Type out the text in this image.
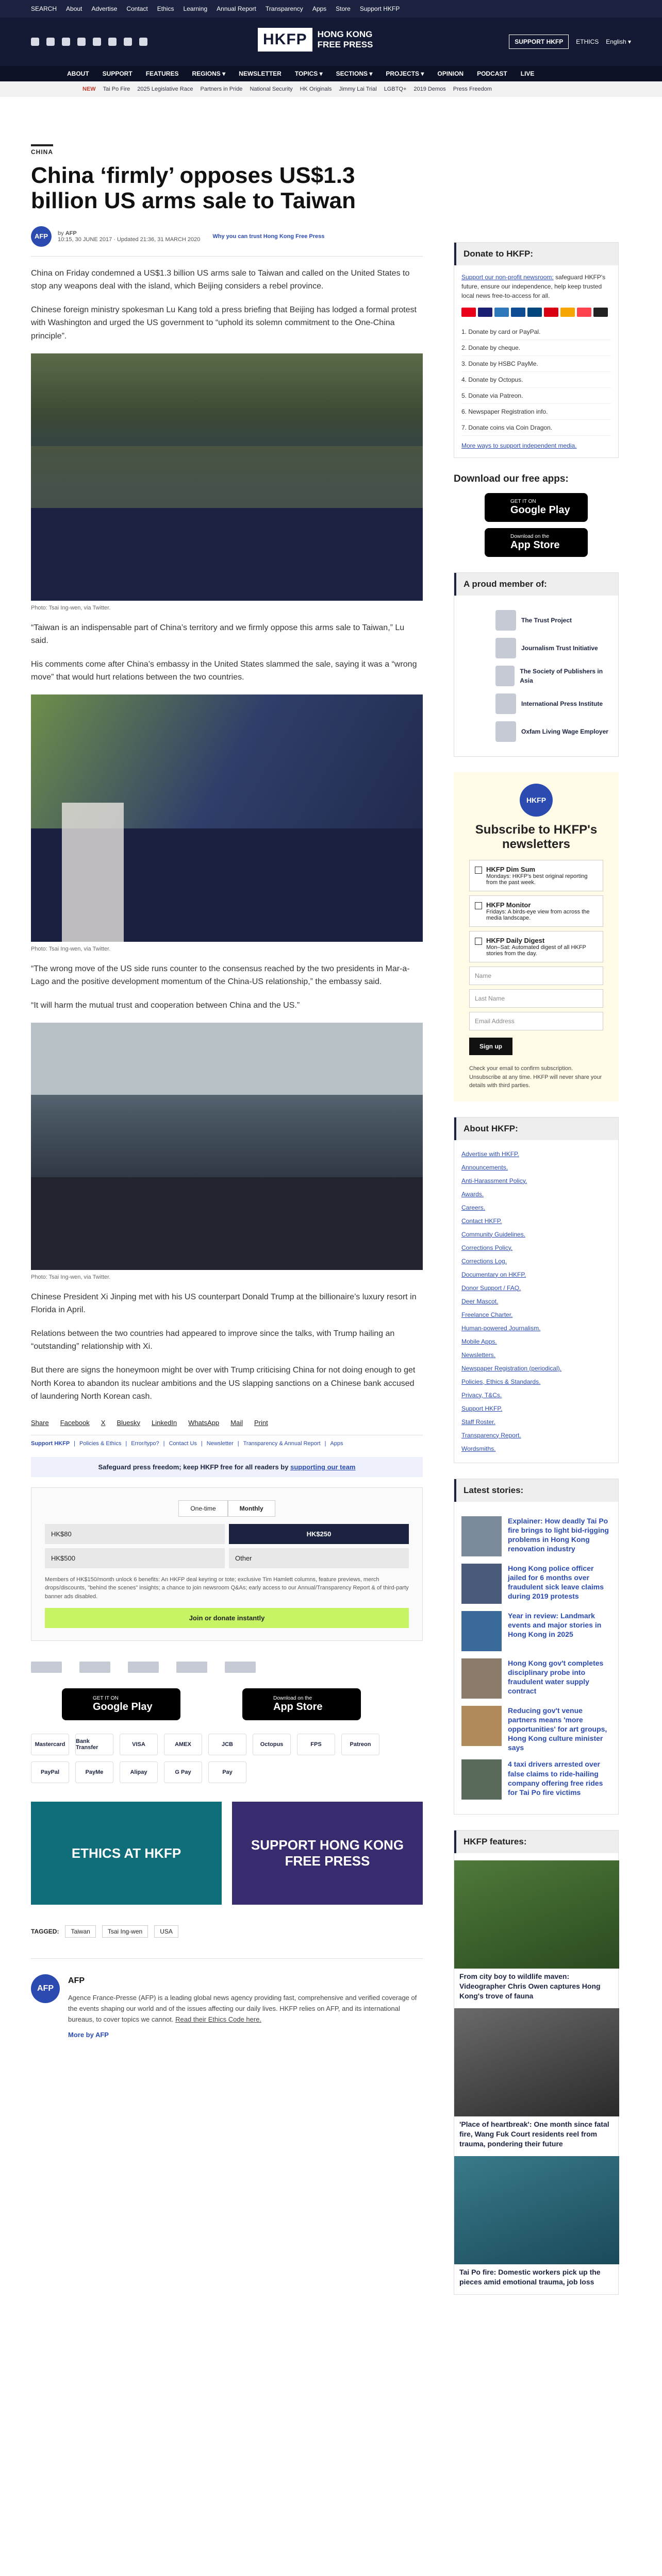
SEARCH About Advertise Contact Ethics Learning Annual Report Transparency Apps Store Support HKFP
HKFP	HONG KONG
FREE PRESS	SUPPORT HKFP	ETHICS English ▾
ABOUT SUPPORT FEATURES REGIONS ▾ NEWSLETTER TOPICS ▾ SECTIONS ▾ PROJECTS ▾ OPINION PODCAST LIVE
NEW Tai Po Fire 2025 Legislative Race Partners in Pride National Security HK Originals Jimmy Lai Trial LGBTQ+ 2019 Demos Press Freedom
CHINA
China ‘firmly’ opposes US$1.3 billion US arms sale to Taiwan
AFP	by AFP
10:15, 30 JUNE 2017 · Updated 21:36, 31 MARCH 2020 Why you can trust Hong Kong Free Press

China on Friday condemned a US$1.3 billion US arms sale to Taiwan and called on the United States to stop any weapons deal with the island, which Beijing considers a rebel province.

Chinese foreign ministry spokesman Lu Kang told a press briefing that Beijing has lodged a formal protest with Washington and urged the US government to “uphold its solemn commitment to the One-China principle”.

Photo: Tsai Ing-wen, via Twitter.

“Taiwan is an indispensable part of China’s territory and we firmly oppose this arms sale to Taiwan,” Lu said.

His comments come after China’s embassy in the United States slammed the sale, saying it was a “wrong move” that would hurt relations between the two countries.

Photo: Tsai Ing-wen, via Twitter.

“The wrong move of the US side runs counter to the consensus reached by the two presidents in Mar-a-Lago and the positive development momentum of the China-US relationship,” the embassy said.

“It will harm the mutual trust and cooperation between China and the US.”

Photo: Tsai Ing-wen, via Twitter.

Chinese President Xi Jinping met with his US counterpart Donald Trump at the billionaire’s luxury resort in Florida in April.

Relations between the two countries had appeared to improve since the talks, with Trump hailing an “outstanding” relationship with Xi.

But there are signs the honeymoon might be over with Trump criticising China for not doing enough to get North Korea to abandon its nuclear ambitions and the US slapping sanctions on a Chinese bank accused of laundering North Korean cash.

Share Facebook X Bluesky LinkedIn WhatsApp Mail Print
Support HKFP | Policies & Ethics | Error/typo? | Contact Us | Newsletter | Transparency & Annual Report | Apps
Safeguard press freedom; keep HKFP free for all readers by supporting our team
One-time	Monthly
HK$80	HK$250
HK$500	Other
Members of HK$150/month unlock 6 benefits: An HKFP deal keyring or tote; exclusive Tim Hamlett columns, feature previews, merch drops/discounts, "behind the scenes" insights; a chance to join newsroom Q&As; early access to our Annual/Transparency Report & of third-party banner ads disabled.
Join or donate instantly
GET IT ON
Google Play
Download on the
App Store
Mastercard	Bank Transfer	VISA	AMEX	JCB	Octopus	FPS	Patreon
PayPal	PayMe	Alipay	G Pay	Pay
ETHICS AT HKFP
SUPPORT HONG KONG FREE PRESS
TAGGED:	Taiwan	Tsai Ing-wen	USA
AFP
AFP
Agence France-Presse (AFP) is a leading global news agency providing fast, comprehensive and verified coverage of the events shaping our world and of the issues affecting our daily lives. HKFP relies on AFP, and its international bureaus, to cover topics we cannot. Read their Ethics Code here.
More by AFP
Donate to HKFP:
Support our non-profit newsroom: safeguard HKFP's future, ensure our independence, help keep trusted local news free-to-access for all.
1. Donate by card or PayPal.
2. Donate by cheque.
3. Donate by HSBC PayMe.
4. Donate by Octopus.
5. Donate via Patreon.
6. Newspaper Registration info.
7. Donate coins via Coin Dragon.
More ways to support independent media.
Download our free apps:
GET IT ON
Google Play
Download on the
App Store
A proud member of:
The Trust Project
Journalism Trust Initiative
The Society of Publishers in Asia
International Press Institute
Oxfam Living Wage Employer
HKFP
Subscribe to HKFP's newsletters
HKFP Dim Sum
Mondays: HKFP's best original reporting from the past week.
HKFP Monitor
Fridays: A birds-eye view from across the media landscape.
HKFP Daily Digest
Mon–Sat: Automated digest of all HKFP stories from the day.
Name
Last Name
Email Address
Sign up
Check your email to confirm subscription. Unsubscribe at any time. HKFP will never share your details with third parties.
About HKFP:
Advertise with HKFP.
Announcements.
Anti-Harassment Policy.
Awards.
Careers.
Contact HKFP.
Community Guidelines.
Corrections Policy.
Corrections Log.
Documentary on HKFP.
Donor Support / FAQ.
Deer Mascot.
Freelance Charter.
Human-powered Journalism.
Mobile Apps.
Newsletters.
Newspaper Registration (periodical).
Policies, Ethics & Standards.
Privacy, T&Cs.
Support HKFP.
Staff Roster.
Transparency Report.
Wordsmiths.
Latest stories:
Explainer: How deadly Tai Po fire brings to light bid-rigging problems in Hong Kong renovation industry
Hong Kong police officer jailed for 6 months over fraudulent sick leave claims during 2019 protests
Year in review: Landmark events and major stories in Hong Kong in 2025
Hong Kong gov't completes disciplinary probe into fraudulent water supply contract
Reducing gov't venue partners means 'more opportunities' for art groups, Hong Kong culture minister says
4 taxi drivers arrested over false claims to ride-hailing company offering free rides for Tai Po fire victims
HKFP features:
From city boy to wildlife maven: Videographer Chris Owen captures Hong Kong's trove of fauna
'Place of heartbreak': One month since fatal fire, Wang Fuk Court residents reel from trauma, pondering their future
Tai Po fire: Domestic workers pick up the pieces amid emotional trauma, job loss
